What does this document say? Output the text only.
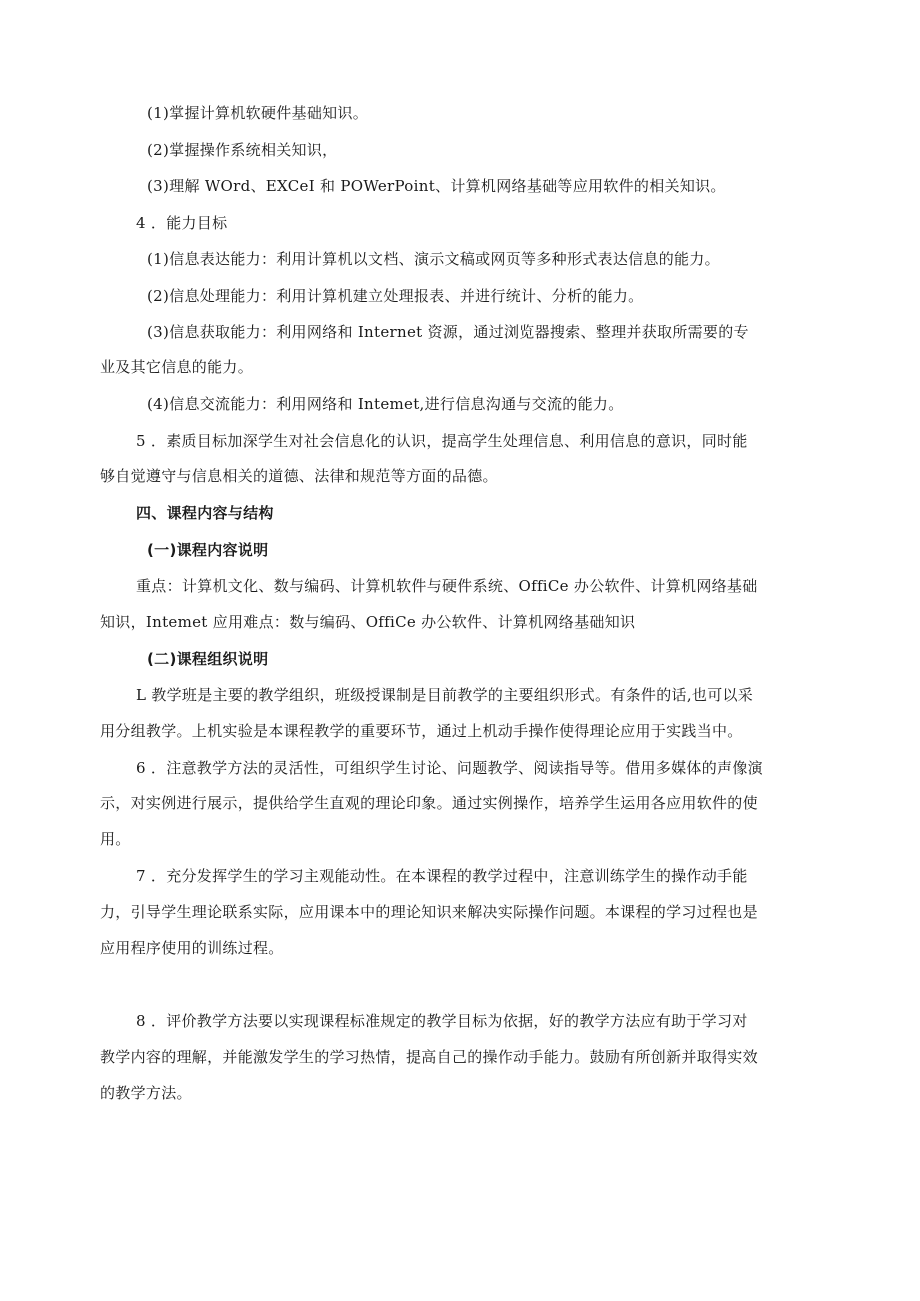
(1)掌握计算机软硬件基础知识。

(2)掌握操作系统相关知识，

(3)理解 WOrd、EXCeI 和 POWerPoint、计算机网络基础等应用软件的相关知识。

4 ．能力目标

(1)信息表达能力：利用计算机以文档、演示文稿或网页等多种形式表达信息的能力。

(2)信息处理能力：利用计算机建立处理报表、并进行统计、分析的能力。

(3)信息获取能力：利用网络和 Internet 资源，通过浏览器搜索、整理并获取所需要的专

业及其它信息的能力。

(4)信息交流能力：利用网络和 Intemet,进行信息沟通与交流的能力。

5 ．素质目标加深学生对社会信息化的认识，提高学生处理信息、利用信息的意识，同时能

够自觉遵守与信息相关的道德、法律和规范等方面的品德。

四、课程内容与结构

(一)课程内容说明

重点：计算机文化、数与编码、计算机软件与硬件系统、OffiCe 办公软件、计算机网络基础

知识，Intemet 应用难点：数与编码、OffiCe 办公软件、计算机网络基础知识

(二)课程组织说明

L 教学班是主要的教学组织，班级授课制是目前教学的主要组织形式。有条件的话,也可以采

用分组教学。上机实验是本课程教学的重要环节，通过上机动手操作使得理论应用于实践当中。

6 ．注意教学方法的灵活性，可组织学生讨论、问题教学、阅读指导等。借用多媒体的声像演

示，对实例进行展示，提供给学生直观的理论印象。通过实例操作，培养学生运用各应用软件的使

用。

7 ．充分发挥学生的学习主观能动性。在本课程的教学过程中，注意训练学生的操作动手能

力，引导学生理论联系实际，应用课本中的理论知识来解决实际操作问题。本课程的学习过程也是

应用程序使用的训练过程。

8 ．评价教学方法要以实现课程标准规定的教学目标为依据，好的教学方法应有助于学习对

教学内容的理解，并能激发学生的学习热情，提高自己的操作动手能力。鼓励有所创新并取得实效

的教学方法。
